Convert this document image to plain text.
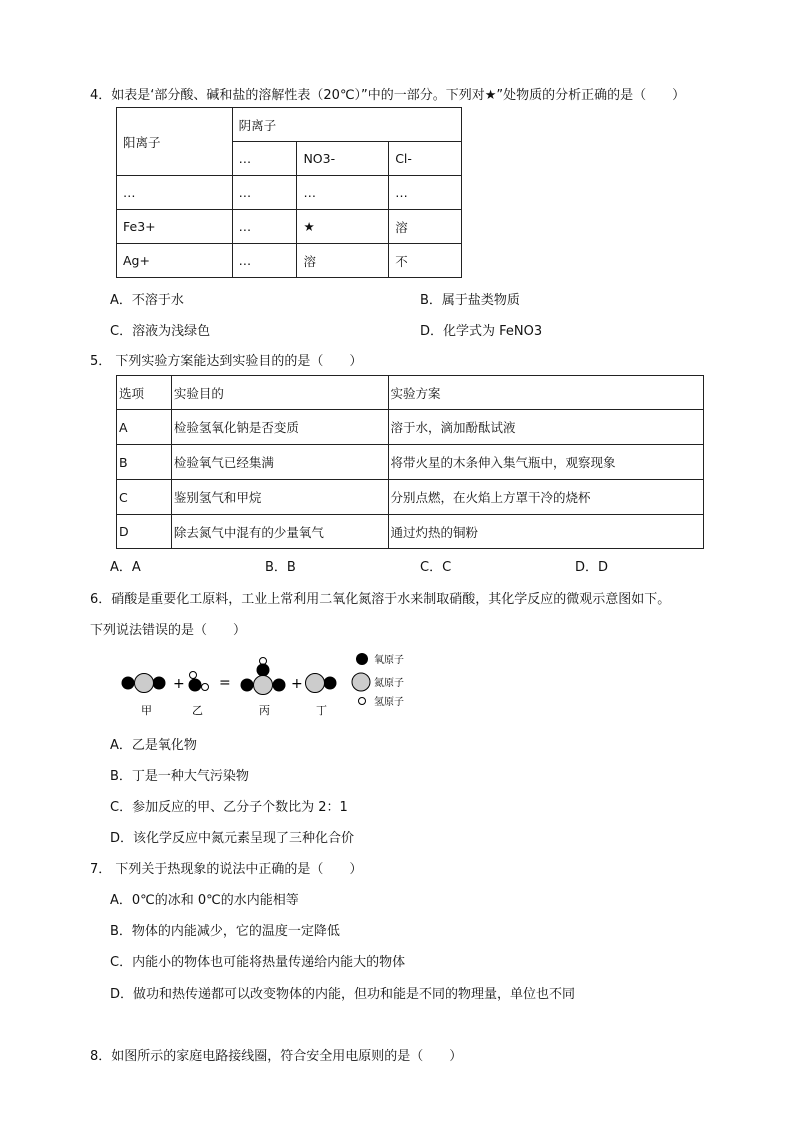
4．如表是‘部分酸、碱和盐的溶解性表（20℃）”中的一部分。下列对★”处物质的分析正确的是（　　）
阳离子	阴离子		
	…	NO3-	Cl-
…	…	…	…
Fe3+	…	★	溶
Ag+	…	溶	不
A．不溶于水	B．属于盐类物质
C．溶液为浅绿色	D．化学式为 FeNO3
5． 下列实验方案能达到实验目的的是（　　）
选项	实验目的	实验方案
A	检验氢氧化钠是否变质	溶于水，滴加酚酞试液
B	检验氧气已经集满	将带火星的木条伸入集气瓶中，观察现象
C	鉴别氢气和甲烷	分别点燃，在火焰上方罩干冷的烧杯
D	除去氮气中混有的少量氧气	通过灼热的铜粉
A．A	B．B	C．C	D．D
6．硝酸是重要化工原料，工业上常利用二氧化氮溶于水来制取硝酸，其化学反应的微观示意图如下。
下列说法错误的是（　　）
+ =	+
甲	乙	丙	丁
氧原子
氮原子
氢原子
A．乙是氧化物
B．丁是一种大气污染物
C．参加反应的甲、乙分子个数比为 2：1
D．该化学反应中氮元素呈现了三种化合价
7． 下列关于热现象的说法中正确的是（　　）
A．0℃的冰和 0℃的水内能相等
B．物体的内能减少，它的温度一定降低
C．内能小的物体也可能将热量传递给内能大的物体
D．做功和热传递都可以改变物体的内能，但功和能是不同的物理量，单位也不同
8．如图所示的家庭电路接线圈，符合安全用电原则的是（　　）
